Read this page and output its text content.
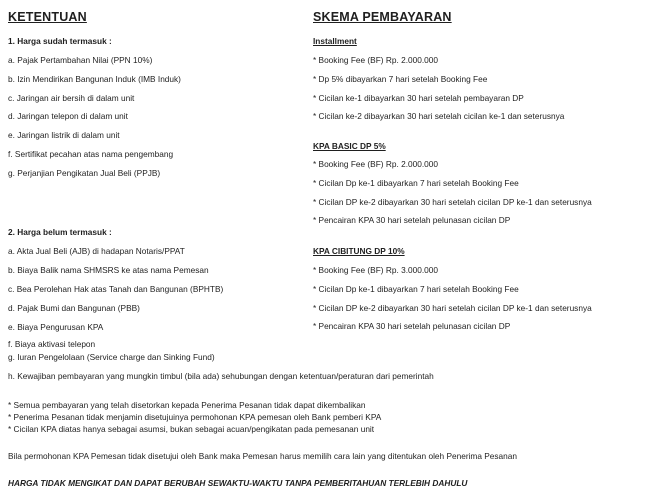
KETENTUAN
1. Harga sudah termasuk :
a. Pajak Pertambahan Nilai (PPN 10%)
b. Izin Mendirikan Bangunan Induk (IMB Induk)
c. Jaringan air bersih di dalam unit
d. Jaringan telepon di dalam unit
e. Jaringan listrik di dalam unit
f. Sertifikat pecahan atas nama pengembang
g. Perjanjian Pengikatan Jual Beli (PPJB)
2. Harga belum termasuk :
a. Akta Jual Beli (AJB) di hadapan Notaris/PPAT
b. Biaya Balik nama SHMSRS ke atas nama Pemesan
c. Bea Perolehan Hak atas Tanah dan Bangunan (BPHTB)
d. Pajak Bumi dan Bangunan (PBB)
e. Biaya Pengurusan KPA
f. Biaya aktivasi telepon
g. Iuran Pengelolaan (Service charge dan Sinking Fund)
h. Kewajiban pembayaran yang mungkin timbul (bila ada) sehubungan dengan ketentuan/peraturan dari pemerintah
SKEMA PEMBAYARAN
Installment
* Booking Fee (BF) Rp. 2.000.000
* Dp 5% dibayarkan 7 hari setelah Booking Fee
* Cicilan ke-1 dibayarkan 30 hari setelah pembayaran DP
* Cicilan ke-2 dibayarkan 30 hari setelah cicilan ke-1 dan seterusnya
KPA BASIC DP 5%
* Booking Fee (BF) Rp. 2.000.000
* Cicilan Dp ke-1 dibayarkan 7 hari setelah Booking Fee
* Cicilan DP ke-2 dibayarkan 30 hari setelah cicilan DP ke-1 dan seterusnya
* Pencairan KPA 30 hari setelah pelunasan cicilan DP
KPA CIBITUNG DP 10%
* Booking Fee (BF) Rp. 3.000.000
* Cicilan Dp ke-1 dibayarkan 7 hari setelah Booking Fee
* Cicilan DP ke-2 dibayarkan 30 hari setelah cicilan DP ke-1 dan seterusnya
* Pencairan KPA 30 hari setelah pelunasan cicilan DP
* Semua pembayaran yang telah disetorkan kepada Penerima Pesanan tidak dapat dikembalikan
* Penerima Pesanan tidak menjamin disetujuinya permohonan KPA pemesan oleh Bank pemberi KPA
* Cicilan KPA diatas hanya sebagai asumsi, bukan sebagai acuan/pengikatan pada pemesanan unit
Bila permohonan KPA Pemesan tidak disetujui oleh Bank maka Pemesan harus memilih cara lain yang ditentukan oleh Penerima Pesanan
HARGA TIDAK MENGIKAT DAN DAPAT BERUBAH SEWAKTU-WAKTU TANPA PEMBERITAHUAN TERLEBIH DAHULU
